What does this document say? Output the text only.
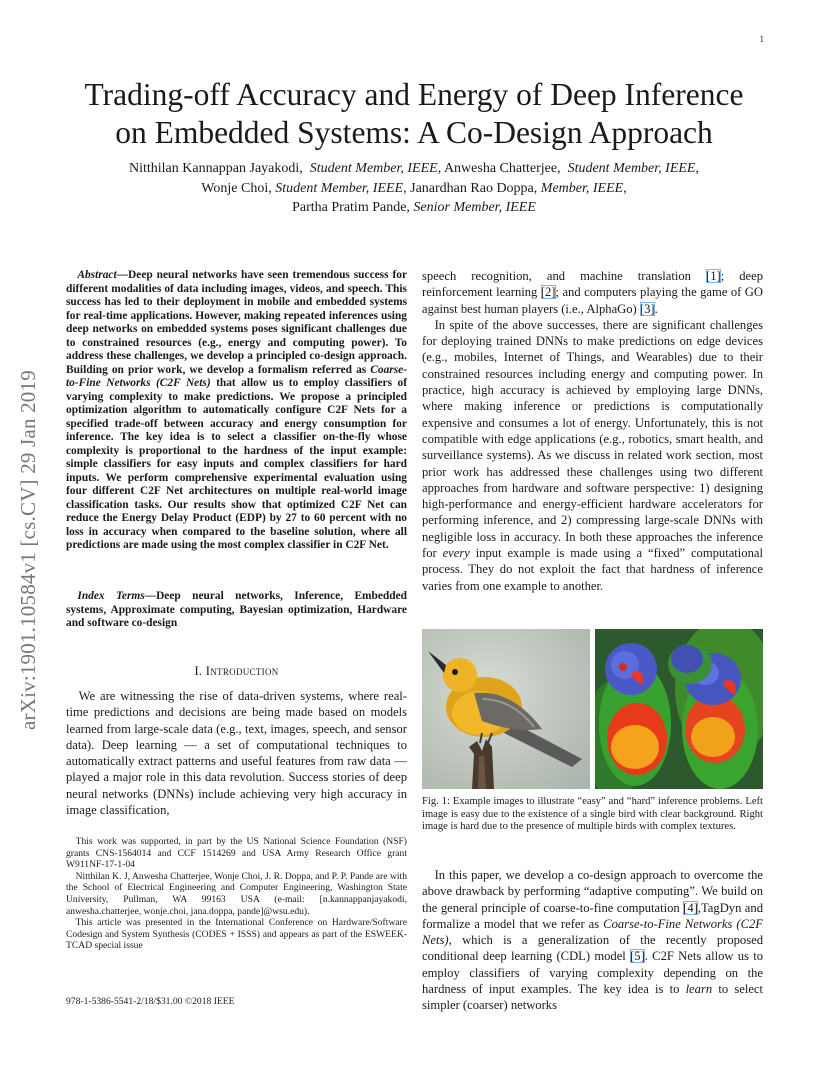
1
arXiv:1901.10584v1 [cs.CV] 29 Jan 2019
Trading-off Accuracy and Energy of Deep Inference
on Embedded Systems: A Co-Design Approach
Nitthilan Kannappan Jayakodi, Student Member, IEEE, Anwesha Chatterjee, Student Member, IEEE,
Wonje Choi, Student Member, IEEE, Janardhan Rao Doppa, Member, IEEE,
Partha Pratim Pande, Senior Member, IEEE
Abstract—Deep neural networks have seen tremendous success for different modalities of data including images, videos, and speech. This success has led to their deployment in mobile and embedded systems for real-time applications. However, making repeated inferences using deep networks on embedded systems poses significant challenges due to constrained resources (e.g., energy and computing power). To address these challenges, we develop a principled co-design approach. Building on prior work, we develop a formalism referred as Coarse-to-Fine Networks (C2F Nets) that allow us to employ classifiers of varying complexity to make predictions. We propose a principled optimization algorithm to automatically configure C2F Nets for a specified trade-off between accuracy and energy consumption for inference. The key idea is to select a classifier on-the-fly whose complexity is proportional to the hardness of the input example: simple classifiers for easy inputs and complex classifiers for hard inputs. We perform comprehensive experimental evaluation using four different C2F Net architectures on multiple real-world image classification tasks. Our results show that optimized C2F Net can reduce the Energy Delay Product (EDP) by 27 to 60 percent with no loss in accuracy when compared to the baseline solution, where all predictions are made using the most complex classifier in C2F Net.
Index Terms—Deep neural networks, Inference, Embedded systems, Approximate computing, Bayesian optimization, Hardware and software co-design
I. Introduction
We are witnessing the rise of data-driven systems, where real-time predictions and decisions are being made based on models learned from large-scale data (e.g., text, images, speech, and sensor data). Deep learning — a set of computational techniques to automatically extract patterns and useful features from raw data — played a major role in this data revolution. Success stories of deep neural networks (DNNs) include achieving very high accuracy in image classification,

This work was supported, in part by the US National Science Foundation (NSF) grants CNS-1564014 and CCF 1514269 and USA Army Research Office grant W911NF-17-1-04

Nitthilan K. J, Anwesha Chatterjee, Wonje Choi, J. R. Doppa, and P. P. Pande are with the School of Electrical Engineering and Computer Engineering, Washington State University, Pullman, WA 99163 USA (e-mail: [n.kannappanjayakodi, anwesha.chatterjee, wonje.choi, jana.doppa, pande]@wsu.edu).

This article was presented in the International Conference on Hardware/Software Codesign and System Synthesis (CODES + ISSS) and appears as part of the ESWEEK-TCAD special issue

978-1-5386-5541-2/18/$31.00 ©2018 IEEE

speech recognition, and machine translation [1]; deep reinforcement learning [2]; and computers playing the game of GO against best human players (i.e., AlphaGo) [3].

In spite of the above successes, there are significant challenges for deploying trained DNNs to make predictions on edge devices (e.g., mobiles, Internet of Things, and Wearables) due to their constrained resources including energy and computing power. In practice, high accuracy is achieved by employing large DNNs, where making inference or predictions is computationally expensive and consumes a lot of energy. Unfortunately, this is not compatible with edge applications (e.g., robotics, smart health, and surveillance systems). As we discuss in related work section, most prior work has addressed these challenges using two different approaches from hardware and software perspective: 1) designing high-performance and energy-efficient hardware accelerators for performing inference, and 2) compressing large-scale DNNs with negligible loss in accuracy. In both these approaches the inference for every input example is made using a “fixed” computational process. They do not exploit the fact that hardness of inference varies from one example to another.

Fig. 1: Example images to illustrate “easy” and “hard” inference problems. Left image is easy due to the existence of a single bird with clear background. Right image is hard due to the presence of multiple birds with complex textures.
In this paper, we develop a co-design approach to overcome the above drawback by performing “adaptive computing”. We build on the general principle of coarse-to-fine computation [4],TagDyn and formalize a model that we refer as Coarse-to-Fine Networks (C2F Nets), which is a generalization of the recently proposed conditional deep learning (CDL) model [5]. C2F Nets allow us to employ classifiers of varying complexity depending on the hardness of input examples. The key idea is to learn to select simpler (coarser) networks
